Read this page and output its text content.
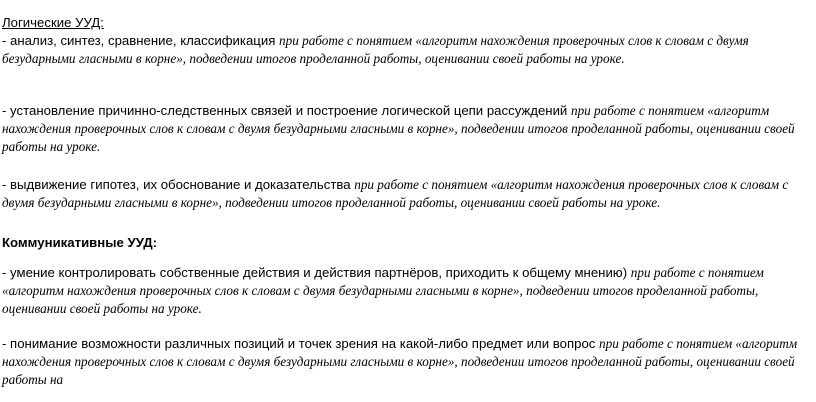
Логические УУД:

- анализ, синтез, сравнение, классификация при работе с понятием «алгоритм нахождения проверочных слов к словам с двумя безударными гласными в корне», подведении итогов проделанной работы, оценивании своей работы на уроке.

- установление причинно-следственных связей и построение логической цепи рассуждений при работе с понятием «алгоритм нахождения проверочных слов к словам с двумя безударными гласными в корне», подведении итогов проделанной работы, оценивании своей работы на уроке.

- выдвижение гипотез, их обоснование и доказательства при работе с понятием «алгоритм нахождения проверочных слов к словам с двумя безударными гласными в корне», подведении итогов проделанной работы, оценивании своей работы на уроке.

Коммуникативные УУД:

- умение контролировать собственные действия и действия партнёров, приходить к общему мнению) при работе с понятием «алгоритм нахождения проверочных слов к словам с двумя безударными гласными в корне», подведении итогов проделанной работы, оценивании своей работы на уроке.

- понимание возможности различных позиций и точек зрения на какой-либо предмет или вопрос при работе с понятием «алгоритм нахождения проверочных слов к словам с двумя безударными гласными в корне», подведении итогов проделанной работы, оценивании своей работы на
